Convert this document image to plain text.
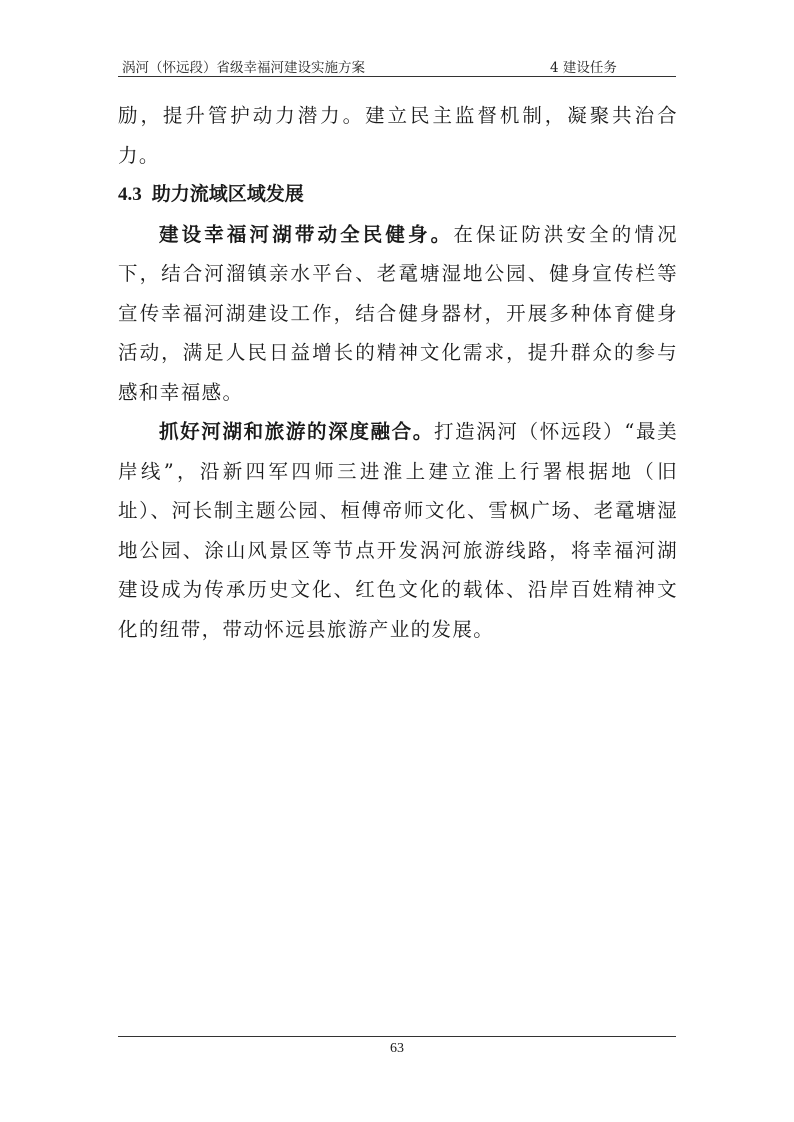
涡河（怀远段）省级幸福河建设实施方案	4 建设任务

励，提升管护动力潜力。建立民主监督机制，凝聚共治合力。

4.3 助力流域区域发展

建设幸福河湖带动全民健身。在保证防洪安全的情况下，结合河溜镇亲水平台、老鼋塘湿地公园、健身宣传栏等宣传幸福河湖建设工作，结合健身器材，开展多种体育健身活动，满足人民日益增长的精神文化需求，提升群众的参与感和幸福感。

抓好河湖和旅游的深度融合。打造涡河（怀远段）“最美岸线”，沿新四军四师三进淮上建立淮上行署根据地（旧址）、河长制主题公园、桓傅帝师文化、雪枫广场、老鼋塘湿地公园、涂山风景区等节点开发涡河旅游线路，将幸福河湖建设成为传承历史文化、红色文化的载体、沿岸百姓精神文化的纽带，带动怀远县旅游产业的发展。

63
